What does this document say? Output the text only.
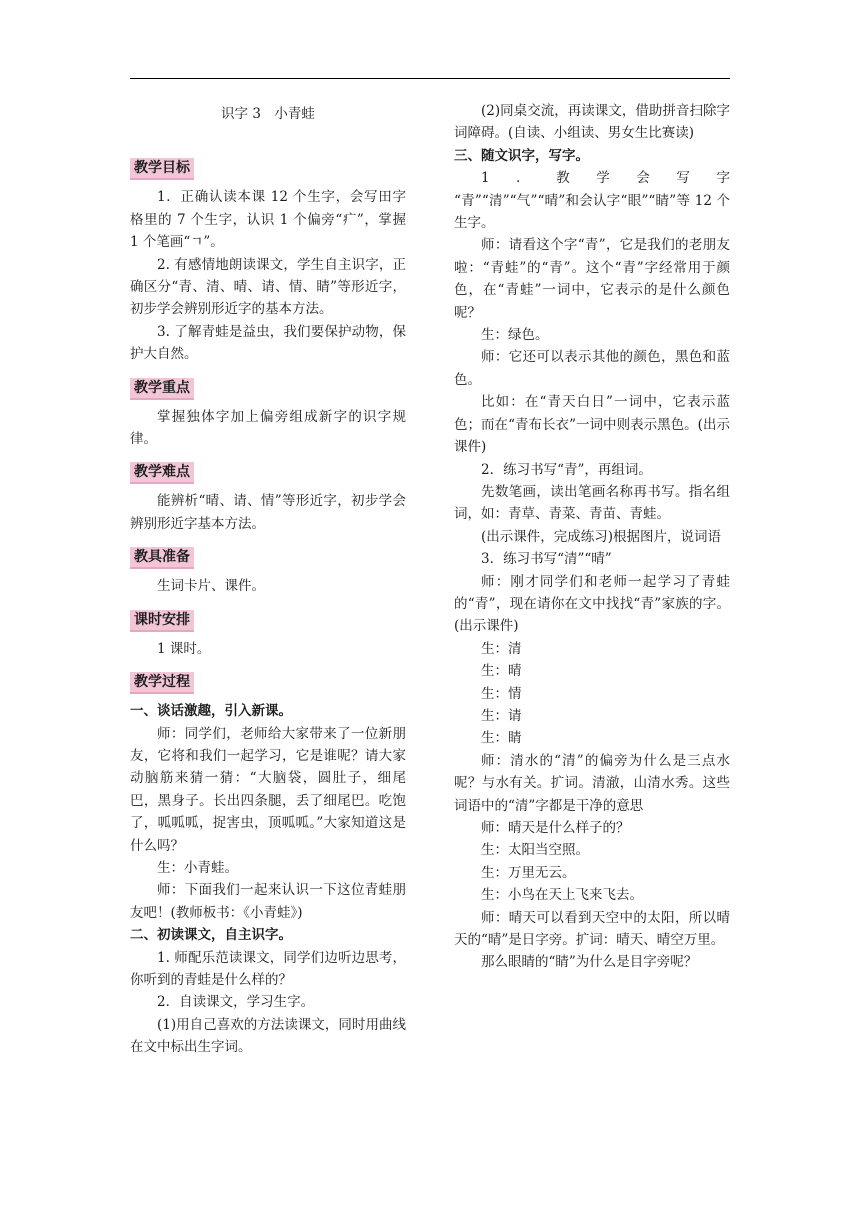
识字 3　小青蛙
教学目标

1．正确认读本课 12 个生字，会写田字格里的 7 个生字，认识 1 个偏旁“疒”，掌握 1 个笔画“ㄱ”。

2. 有感情地朗读课文，学生自主识字，正确区分“青、清、晴、请、情、睛”等形近字，初步学会辨别形近字的基本方法。

3. 了解青蛙是益虫，我们要保护动物，保护大自然。

教学重点

掌握独体字加上偏旁组成新字的识字规律。

教学难点

能辨析“晴、请、情”等形近字，初步学会辨别形近字基本方法。

教具准备

生词卡片、课件。

课时安排

1 课时。

教学过程

一、谈话激趣，引入新课。

师：同学们，老师给大家带来了一位新朋友，它将和我们一起学习，它是谁呢？请大家动脑筋来猜一猜：“大脑袋，圆肚子，细尾巴，黑身子。长出四条腿，丢了细尾巴。吃饱了，呱呱呱，捉害虫，顶呱呱。”大家知道这是什么吗？

生：小青蛙。

师：下面我们一起来认识一下这位青蛙朋友吧！(教师板书：《小青蛙》)

二、初读课文，自主识字。

1. 师配乐范读课文，同学们边听边思考，你听到的青蛙是什么样的？

2．自读课文，学习生字。

(1)用自己喜欢的方法读课文，同时用曲线在文中标出生字词。

(2)同桌交流，再读课文，借助拼音扫除字词障碍。(自读、小组读、男女生比赛读)

三、随文识字，写字。

1．教学会写字

“青”“清”“气”“晴”和会认字“眼”“睛”等 12 个生字。

师：请看这个字“青”，它是我们的老朋友啦：“青蛙”的“青”。这个“青”字经常用于颜色，在“青蛙”一词中，它表示的是什么颜色呢？

生：绿色。

师：它还可以表示其他的颜色，黑色和蓝色。

比如：在“青天白日”一词中，它表示蓝色；而在“青布长衣”一词中则表示黑色。(出示课件)

2．练习书写“青”，再组词。

先数笔画，读出笔画名称再书写。指名组词，如：青草、青菜、青苗、青蛙。

(出示课件，完成练习)根据图片，说词语

3．练习书写“清”“晴”

师：刚才同学们和老师一起学习了青蛙的“青”，现在请你在文中找找“青”家族的字。(出示课件)

生：清

生：晴

生：情

生：请

生：睛

师：清水的“清”的偏旁为什么是三点水呢？与水有关。扩词。清澈，山清水秀。这些词语中的“清”字都是干净的意思

师：晴天是什么样子的？

生：太阳当空照。

生：万里无云。

生：小鸟在天上飞来飞去。

师：晴天可以看到天空中的太阳，所以晴天的“晴”是日字旁。扩词：晴天、晴空万里。

那么眼睛的“睛”为什么是目字旁呢？
